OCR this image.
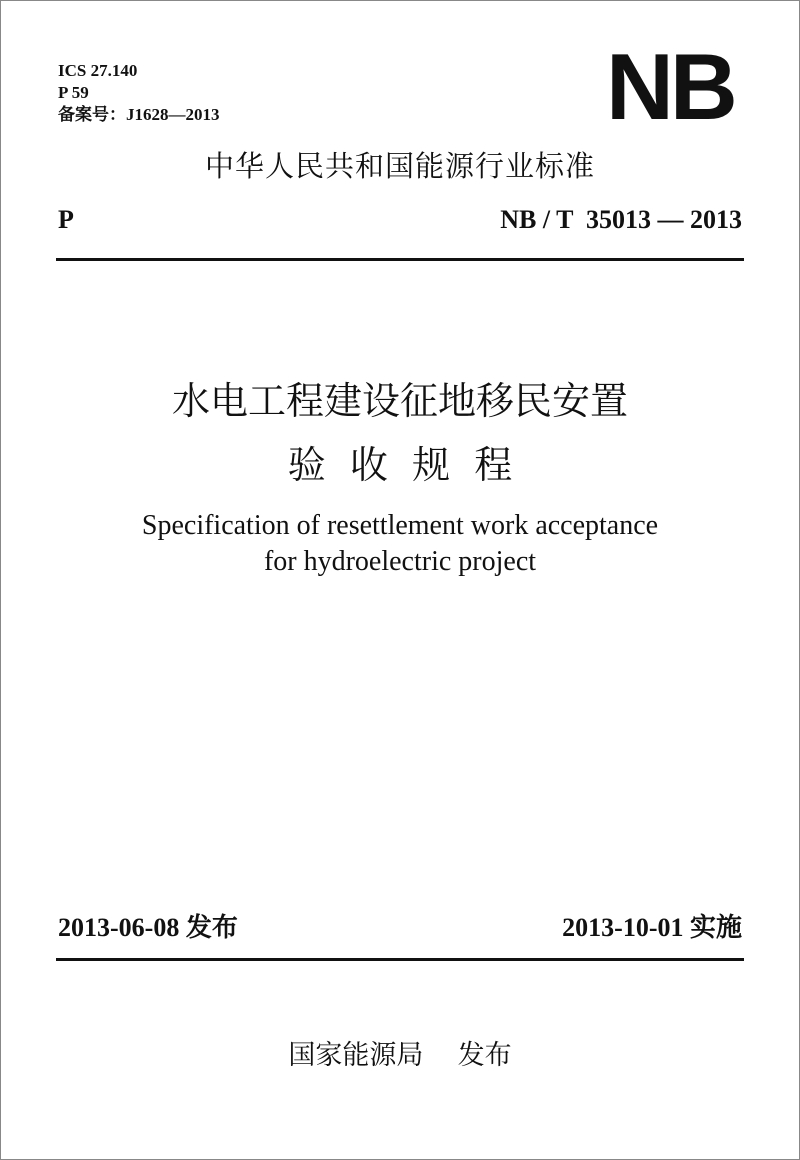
ICS 27.140
P 59
备案号：J1628—2013	NB
中华人民共和国能源行业标准
P	NB / T  35013 — 2013
水电工程建设征地移民安置
验  收  规  程
Specification of resettlement work acceptance
for hydroelectric project
2013-06-08 发布	2013-10-01 实施
国家能源局    发布
